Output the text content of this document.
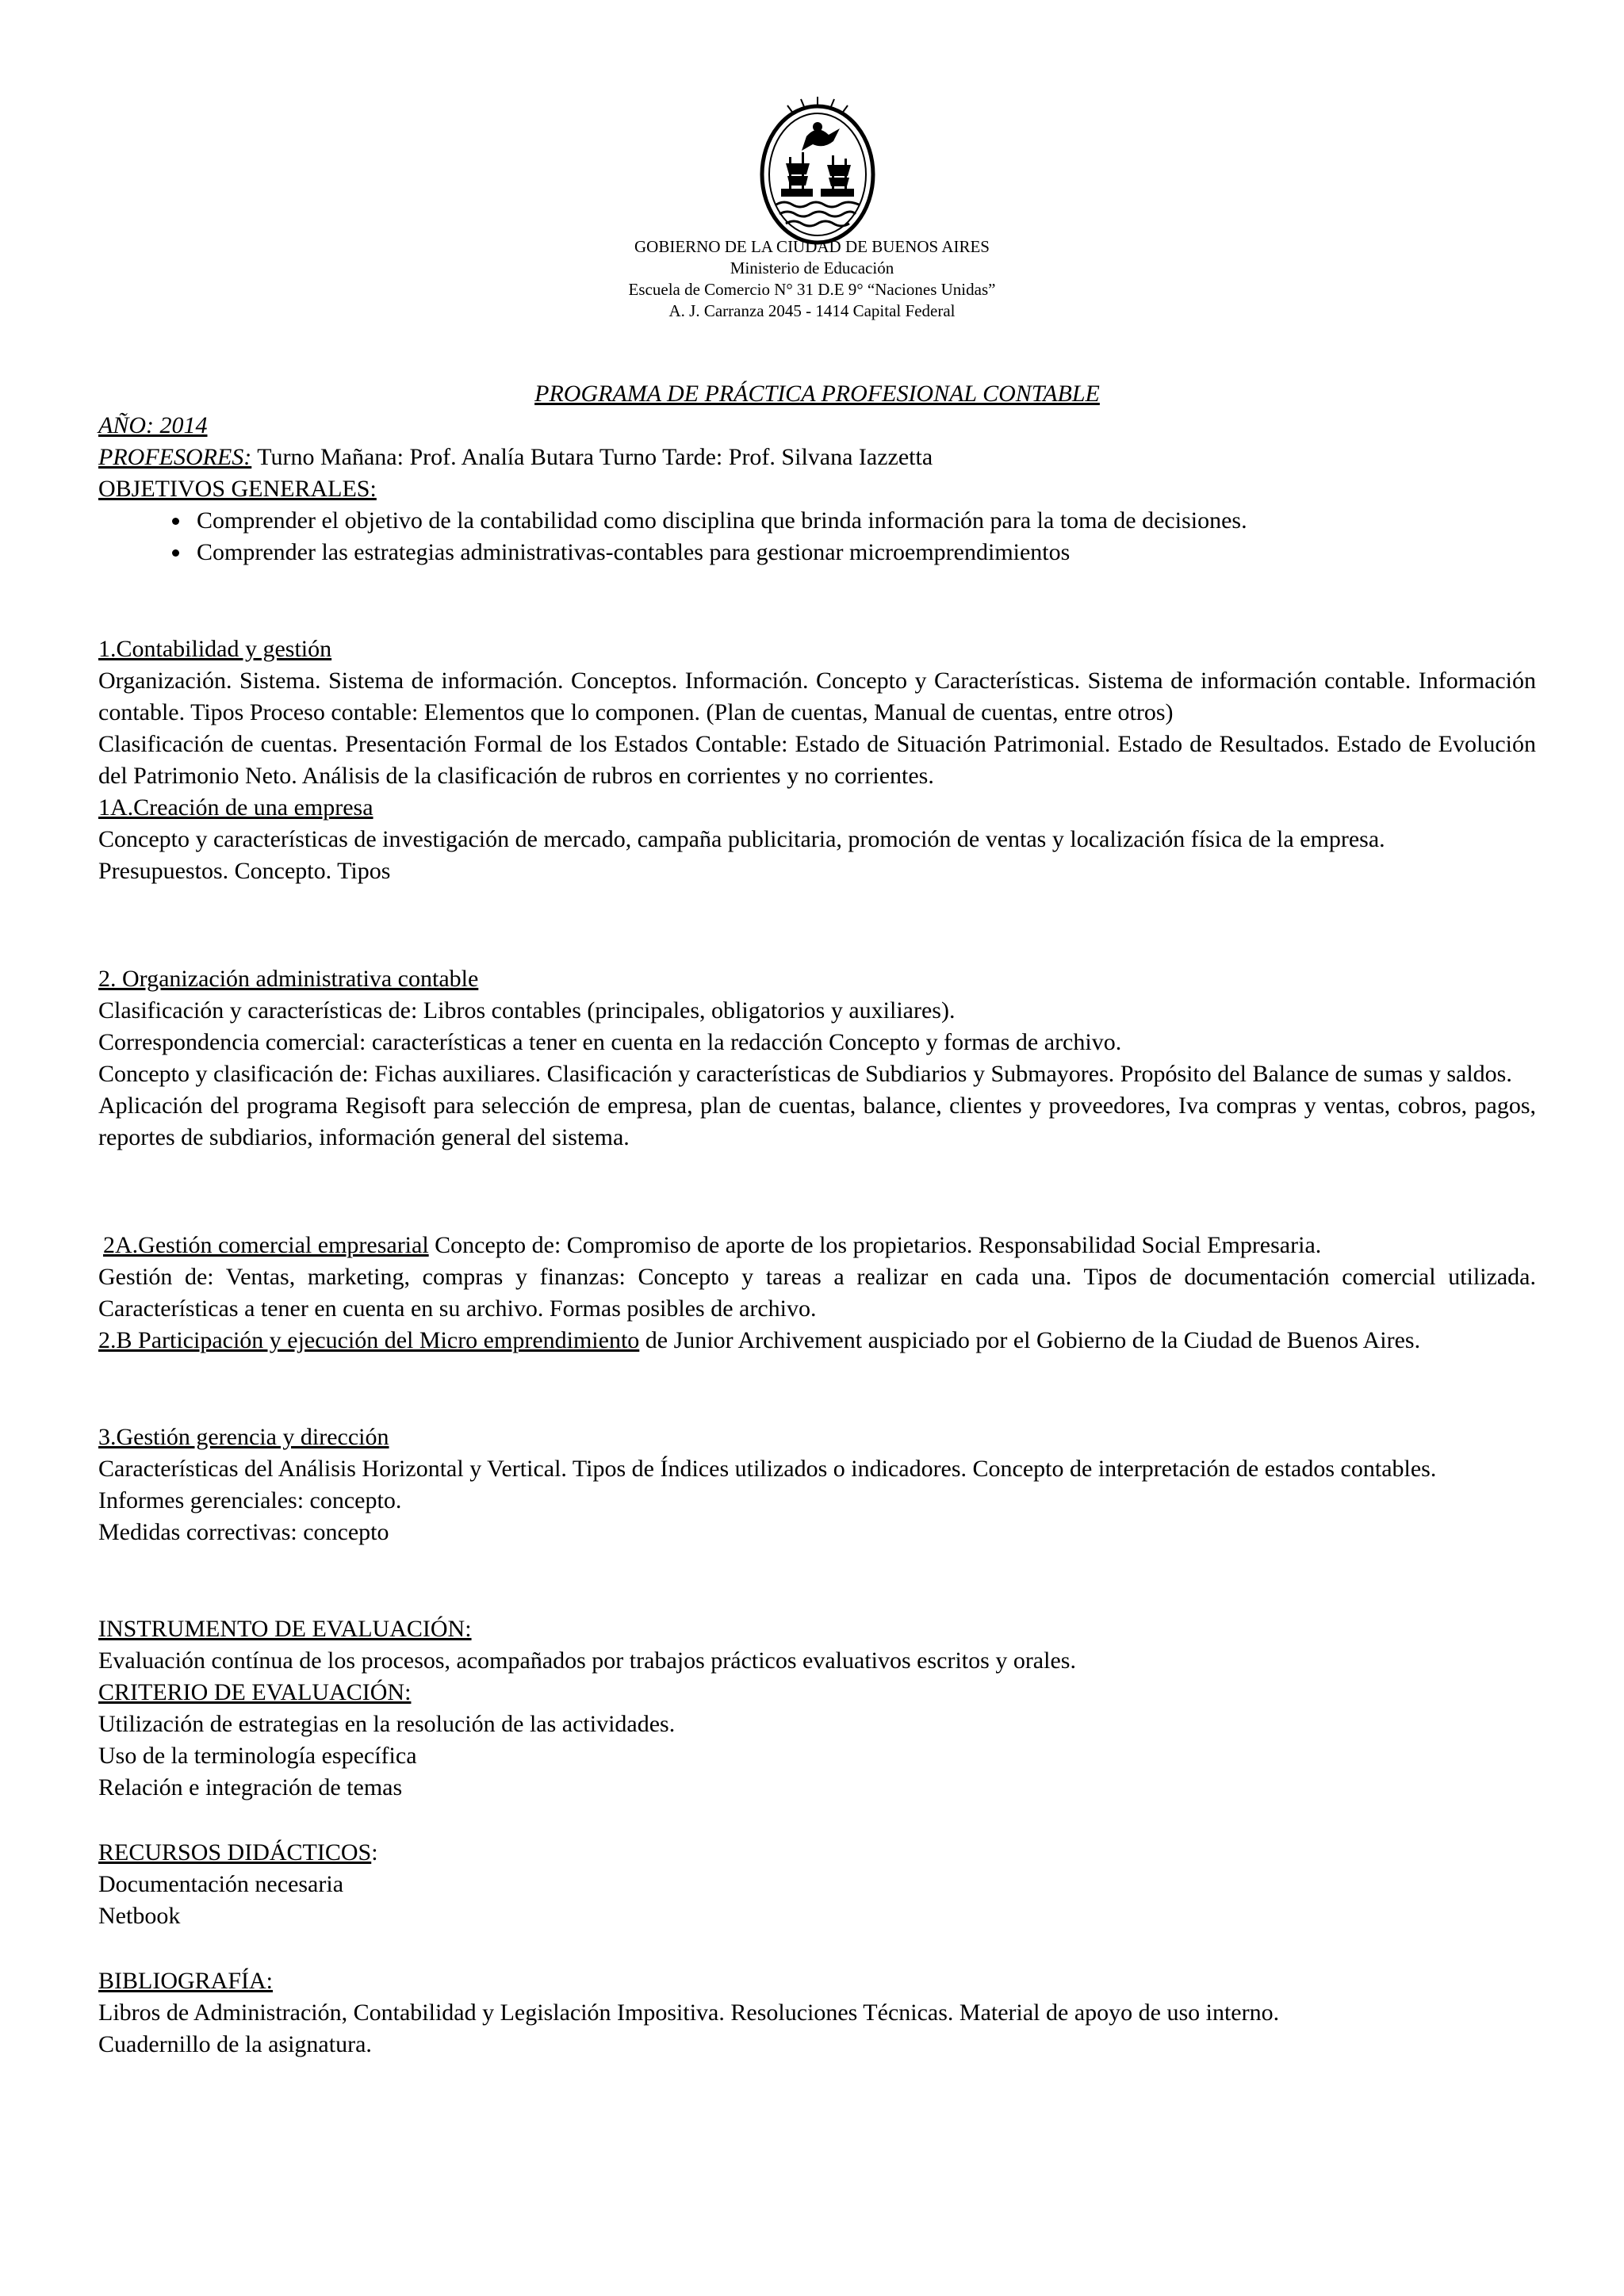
GOBIERNO DE LA CIUDAD DE BUENOS AIRES
Ministerio de Educación
Escuela de Comercio N° 31 D.E 9° “Naciones Unidas”
A. J. Carranza 2045 - 1414 Capital Federal

PROGRAMA DE PRÁCTICA PROFESIONAL CONTABLE

AÑO: 2014

PROFESORES: Turno Mañana: Prof. Analía Butara Turno Tarde: Prof. Silvana Iazzetta

OBJETIVOS GENERALES:

Comprender el objetivo de la contabilidad como disciplina que brinda información para la toma de decisiones.
Comprender las estrategias administrativas-contables para gestionar microemprendimientos

1.Contabilidad y gestión

Organización. Sistema. Sistema de información. Conceptos. Información. Concepto y Características. Sistema de información contable. Información contable. Tipos Proceso contable: Elementos que lo componen. (Plan de cuentas, Manual de cuentas, entre otros)

Clasificación de cuentas. Presentación Formal de los Estados Contable: Estado de Situación Patrimonial. Estado de Resultados. Estado de Evolución del Patrimonio Neto. Análisis de la clasificación de rubros en corrientes y no corrientes.

1A.Creación de una empresa

Concepto y características de investigación de mercado, campaña publicitaria, promoción de ventas y localización física de la empresa.

Presupuestos. Concepto. Tipos

2. Organización administrativa contable

Clasificación y características de: Libros contables (principales, obligatorios y auxiliares).

Correspondencia comercial: características a tener en cuenta en la redacción Concepto y formas de archivo.

Concepto y clasificación de: Fichas auxiliares. Clasificación y características de Subdiarios y Submayores. Propósito del Balance de sumas y saldos.

Aplicación del programa Regisoft para selección de empresa, plan de cuentas, balance, clientes y proveedores, Iva compras y ventas, cobros, pagos, reportes de subdiarios, información general del sistema.

2A.Gestión comercial empresarial Concepto de: Compromiso de aporte de los propietarios. Responsabilidad Social Empresaria.

Gestión de: Ventas, marketing, compras y finanzas: Concepto y tareas a realizar en cada una. Tipos de documentación comercial utilizada. Características a tener en cuenta en su archivo. Formas posibles de archivo.

2.B Participación y ejecución del Micro emprendimiento de Junior Archivement auspiciado por el Gobierno de la Ciudad de Buenos Aires.

3.Gestión gerencia y dirección

Características del Análisis Horizontal y Vertical. Tipos de Índices utilizados o indicadores. Concepto de interpretación de estados contables.

Informes gerenciales: concepto.

Medidas correctivas: concepto

INSTRUMENTO DE EVALUACIÓN:

Evaluación contínua de los procesos, acompañados por trabajos prácticos evaluativos escritos y orales.

CRITERIO DE EVALUACIÓN:

Utilización de estrategias en la resolución de las actividades.

Uso de la terminología específica

Relación e integración de temas

RECURSOS DIDÁCTICOS:

Documentación necesaria

Netbook

BIBLIOGRAFÍA:

Libros de Administración, Contabilidad y Legislación Impositiva. Resoluciones Técnicas. Material de apoyo de uso interno.

Cuadernillo de la asignatura.
